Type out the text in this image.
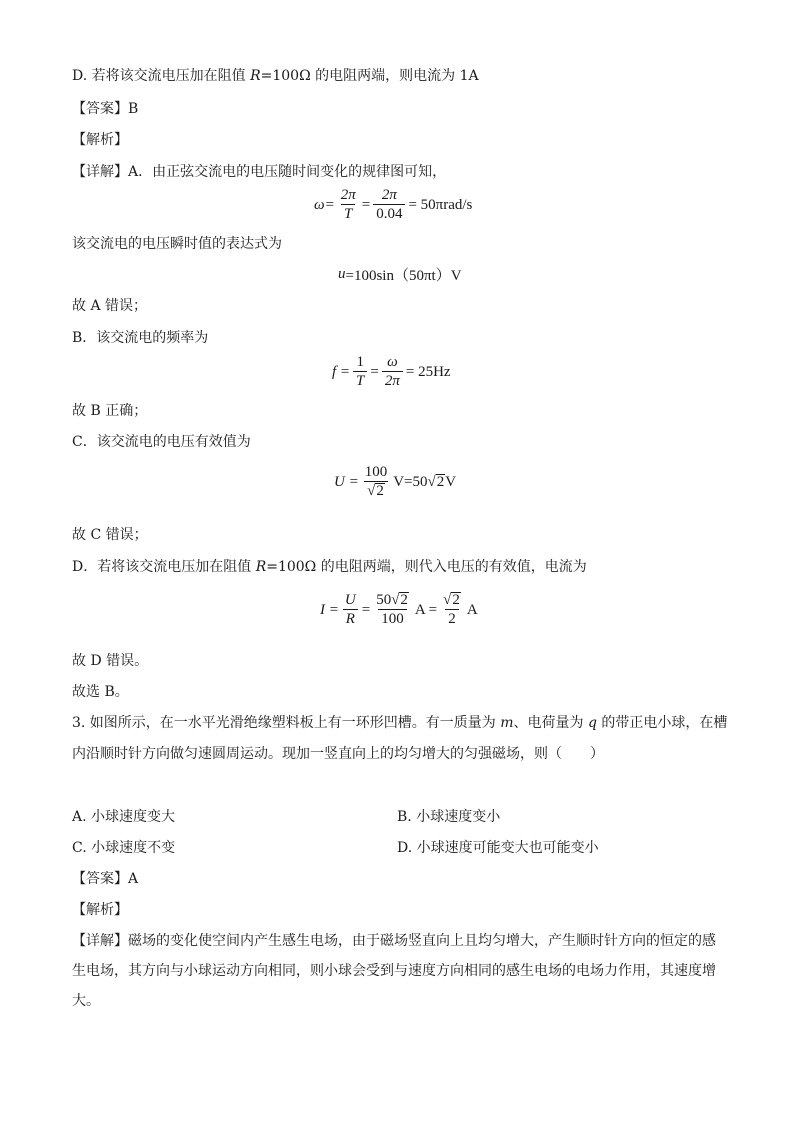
D. 若将该交流电压加在阻值 R=100Ω 的电阻两端，则电流为 1A
【答案】B
【解析】
【详解】A．由正弦交流电的电压随时间变化的规律图可知，
$\omega= \frac{2\pi}{T} = \frac{2\pi}{0.04} = 50\pi rad/s$
该交流电的电压瞬时值的表达式为
u =100sin（50πt）V
故 A 错误；
B．该交流电的频率为
$f = \frac{1}{T} = \frac{\omega}{2\pi} = 25Hz$
故 B 正确；
C．该交流电的电压有效值为
$U = \frac{100}{√ 2} V=50$ √ 2 V
故 C 错误；
D．若将该交流电压加在阻值 R=100Ω 的电阻两端，则代入电压的有效值，电流为
$I = \frac{U}{R} = \frac{50 √ 2}{100}$ $A = \frac{√ 2}{2}$ A
故 D 错误。
故选 B。
3. 如图所示，在一水平光滑绝缘塑料板上有一环形凹槽。有一质量为 m、电荷量为 q 的带正电小球，在槽
内沿顺时针方向做匀速圆周运动。现加一竖直向上的均匀增大的匀强磁场，则（　　）
A. 小球速度变大	B. 小球速度变小
C. 小球速度不变	D. 小球速度可能变大也可能变小
【答案】A
【解析】
【详解】磁场的变化使空间内产生感生电场，由于磁场竖直向上且均匀增大，产生顺时针方向的恒定的感生电场，其方向与小球运动方向相同，则小球会受到与速度方向相同的感生电场的电场力作用，其速度增大。
